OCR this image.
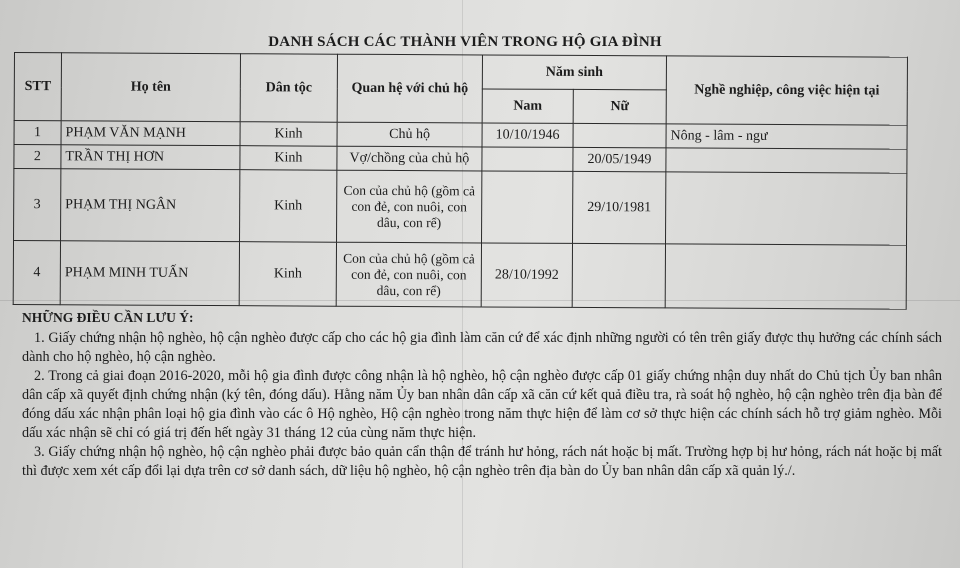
DANH SÁCH CÁC THÀNH VIÊN TRONG HỘ GIA ĐÌNH
STT	Họ tên	Dân tộc	Quan hệ với chủ hộ	Năm sinh		Nghề nghiệp, công việc hiện tại
				Nam	Nữ	
1	PHẠM VĂN MẠNH	Kinh	Chủ hộ	10/10/1946		Nông - lâm - ngư
2	TRẦN THỊ HƠN	Kinh	Vợ/chồng của chủ hộ		20/05/1949	
3	PHẠM THỊ NGÂN	Kinh	Con của chủ hộ (gồm cả con đẻ, con nuôi, con dâu, con rể)		29/10/1981	
4	PHẠM MINH TUẤN	Kinh	Con của chủ hộ (gồm cả con đẻ, con nuôi, con dâu, con rể)	28/10/1992		
NHỮNG ĐIỀU CẦN LƯU Ý:

1. Giấy chứng nhận hộ nghèo, hộ cận nghèo được cấp cho các hộ gia đình làm căn cứ để xác định những người có tên trên giấy được thụ hưởng các chính sách dành cho hộ nghèo, hộ cận nghèo.

2. Trong cả giai đoạn 2016-2020, mỗi hộ gia đình được công nhận là hộ nghèo, hộ cận nghèo được cấp 01 giấy chứng nhận duy nhất do Chủ tịch Ủy ban nhân dân cấp xã quyết định chứng nhận (ký tên, đóng dấu). Hằng năm Ủy ban nhân dân cấp xã căn cứ kết quả điều tra, rà soát hộ nghèo, hộ cận nghèo trên địa bàn để đóng dấu xác nhận phân loại hộ gia đình vào các ô Hộ nghèo, Hộ cận nghèo trong năm thực hiện để làm cơ sở thực hiện các chính sách hỗ trợ giảm nghèo. Mỗi dấu xác nhận sẽ chỉ có giá trị đến hết ngày 31 tháng 12 của cùng năm thực hiện.

3. Giấy chứng nhận hộ nghèo, hộ cận nghèo phải được bảo quản cẩn thận để tránh hư hỏng, rách nát hoặc bị mất. Trường hợp bị hư hỏng, rách nát hoặc bị mất thì được xem xét cấp đổi lại dựa trên cơ sở danh sách, dữ liệu hộ nghèo, hộ cận nghèo trên địa bàn do Ủy ban nhân dân cấp xã quản lý./.
